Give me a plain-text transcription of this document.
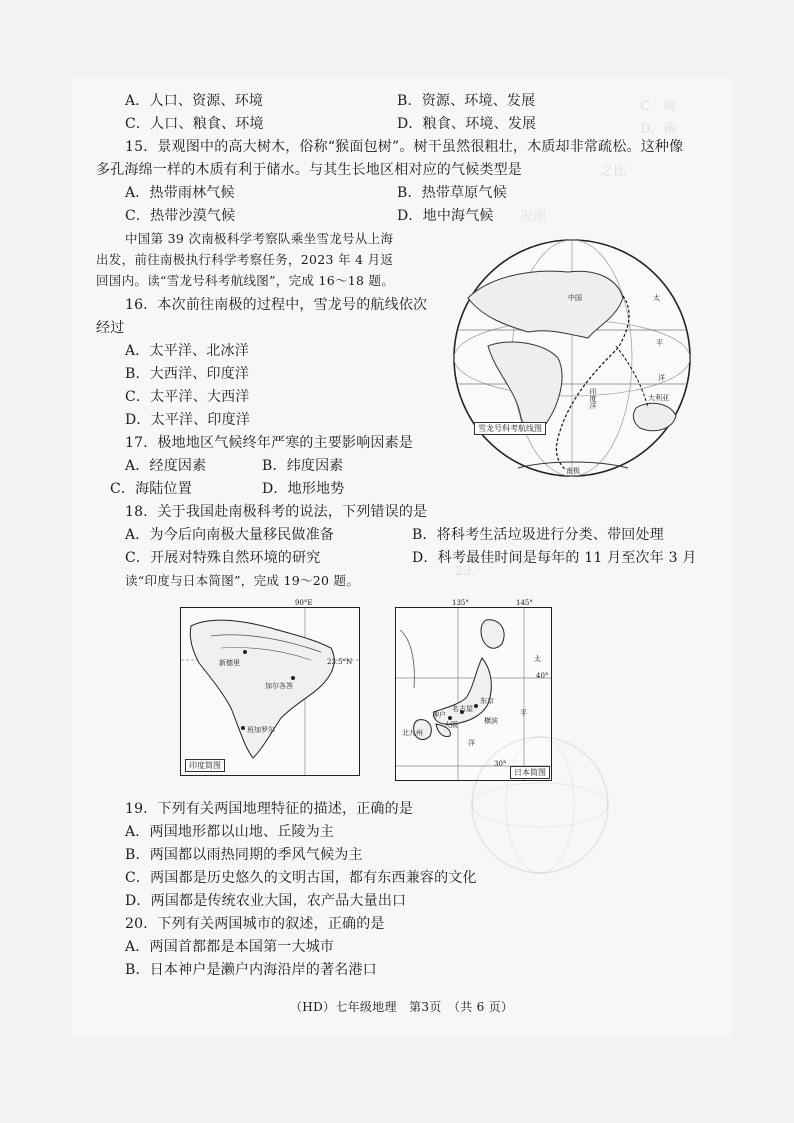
C．周
D．南
之比
况图
23．
A．人口、资源、环境	B．资源、环境、发展
C．人口、粮食、环境	D．粮食、环境、发展
15．景观图中的高大树木，俗称“猴面包树”。树干虽然很粗壮，木质却非常疏松。这种像
多孔海绵一样的木质有利于储水。与其生长地区相对应的气候类型是
A．热带雨林气候	B．热带草原气候
C．热带沙漠气候	D．地中海气候
中国第 39 次南极科学考察队乘坐雪龙号从上海
出发，前往南极执行科学考察任务，2023 年 4 月返
回国内。读“雪龙号科考航线图”，完成 16～18 题。
16．本次前往南极的过程中，雪龙号的航线依次
经过
A．太平洋、北冰洋
B．大西洋、印度洋
C．太平洋、大西洋
D．太平洋、印度洋
17．极地地区气候终年严寒的主要影响因素是
A．经度因素	B．纬度因素
C．海陆位置	D．地形地势
18．关于我国赴南极科考的说法，下列错误的是
A．为今后向南极大量移民做准备	B．将科考生活垃圾进行分类、带回处理
C．开展对特殊自然环境的研究	D．科考最佳时间是每年的 11 月至次年 3 月
读“印度与日本简图”，完成 19～20 题。
中国	太
平
洋
印度洋	大利亚
南极
雪龙号科考航线图
90°E
23.5°N
新德里
加尔各答
班加罗尔
印度简图
135°	145°
40°
30°
太
平
洋
东京
名古屋
大阪
神户
横滨
北九州
日本简图
19．下列有关两国地理特征的描述，正确的是
A．两国地形都以山地、丘陵为主
B．两国都以雨热同期的季风气候为主
C．两国都是历史悠久的文明古国，都有东西兼容的文化
D．两国都是传统农业大国，农产品大量出口
20．下列有关两国城市的叙述，正确的是
A．两国首都都是本国第一大城市
B．日本神户是濑户内海沿岸的著名港口
（HD）七年级地理　第3页　（共 6 页）
